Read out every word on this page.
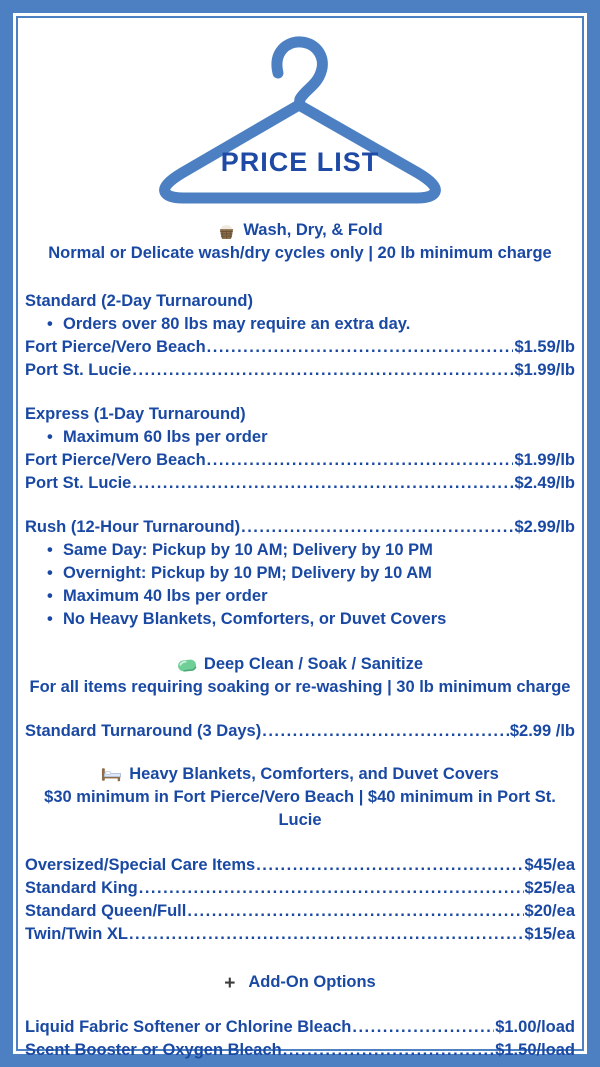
PRICE LIST
Wash, Dry, & Fold
Normal or Delicate wash/dry cycles only | 20 lb minimum charge
Standard (2-Day Turnaround)
• Orders over 80 lbs may require an extra day.
Fort Pierce/Vero Beach .....	$1.59/lb
Port St. Lucie .....	$1.99/lb
Express (1-Day Turnaround)
• Maximum 60 lbs per order
Fort Pierce/Vero Beach .....	$1.99/lb
Port St. Lucie .....	$2.49/lb
Rush (12-Hour Turnaround) .....	$2.99/lb
• Same Day: Pickup by 10 AM; Delivery by 10 PM
• Overnight: Pickup by 10 PM; Delivery by 10 AM
• Maximum 40 lbs per order
• No Heavy Blankets, Comforters, or Duvet Covers
Deep Clean / Soak / Sanitize
For all items requiring soaking or re-washing | 30 lb minimum charge
Standard Turnaround (3 Days) .....	$2.99 /lb
Heavy Blankets, Comforters, and Duvet Covers
$30 minimum in Fort Pierce/Vero Beach | $40 minimum in Port St. Lucie
Oversized/Special Care Items .....	$45/ea
Standard King .....	$25/ea
Standard Queen/Full .....	$20/ea
Twin/Twin XL .....	$15/ea
+ Add-On Options
Liquid Fabric Softener or Chlorine Bleach .....	$1.00/load
Scent Booster or Oxygen Bleach .....	$1.50/load
